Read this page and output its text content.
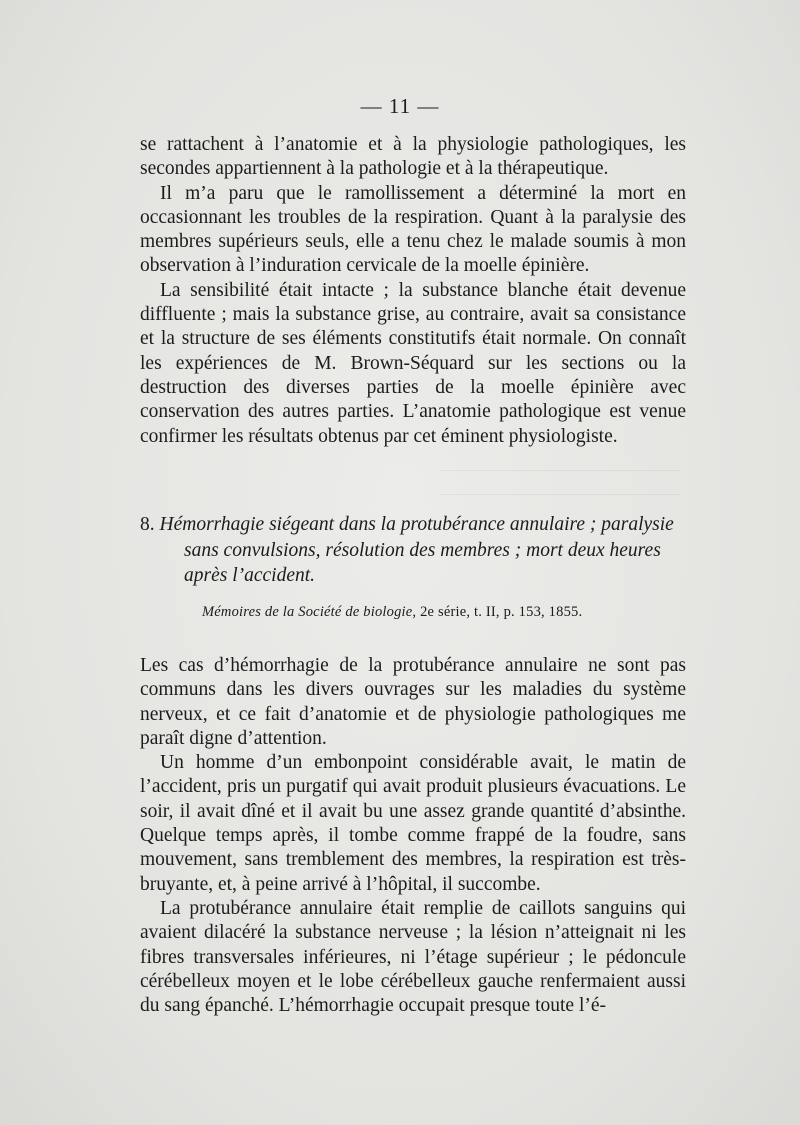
— 11 —

se rattachent à l’anatomie et à la physiologie pathologiques, les secondes appartiennent à la pathologie et à la thérapeutique.

Il m’a paru que le ramollissement a déterminé la mort en occasionnant les troubles de la respiration. Quant à la paralysie des membres supérieurs seuls, elle a tenu chez le malade soumis à mon observation à l’induration cervicale de la moelle épinière.

La sensibilité était intacte ; la substance blanche était devenue diffluente ; mais la substance grise, au contraire, avait sa consistance et la structure de ses éléments constitutifs était normale. On connaît les expériences de M. Brown-Séquard sur les sections ou la destruction des diverses parties de la moelle épinière avec conservation des autres parties. L’anatomie pathologique est venue confirmer les résultats obtenus par cet éminent physiologiste.

8. Hémorrhagie siégeant dans la protubérance annulaire ; paralysie
sans convulsions, résolution des membres ; mort deux heures
après l’accident.
Mémoires de la Société de biologie, 2e série, t. II, p. 153, 1855.

Les cas d’hémorrhagie de la protubérance annulaire ne sont pas communs dans les divers ouvrages sur les maladies du système nerveux, et ce fait d’anatomie et de physiologie pathologiques me paraît digne d’attention.

Un homme d’un embonpoint considérable avait, le matin de l’accident, pris un purgatif qui avait produit plusieurs évacuations. Le soir, il avait dîné et il avait bu une assez grande quantité d’absinthe. Quelque temps après, il tombe comme frappé de la foudre, sans mouvement, sans tremblement des membres, la respiration est très-bruyante, et, à peine arrivé à l’hôpital, il succombe.

La protubérance annulaire était remplie de caillots sanguins qui avaient dilacéré la substance nerveuse ; la lésion n’atteignait ni les fibres transversales inférieures, ni l’étage supérieur ; le pédoncule cérébelleux moyen et le lobe cérébelleux gauche renfermaient aussi du sang épanché. L’hémorrhagie occupait presque toute l’é-
